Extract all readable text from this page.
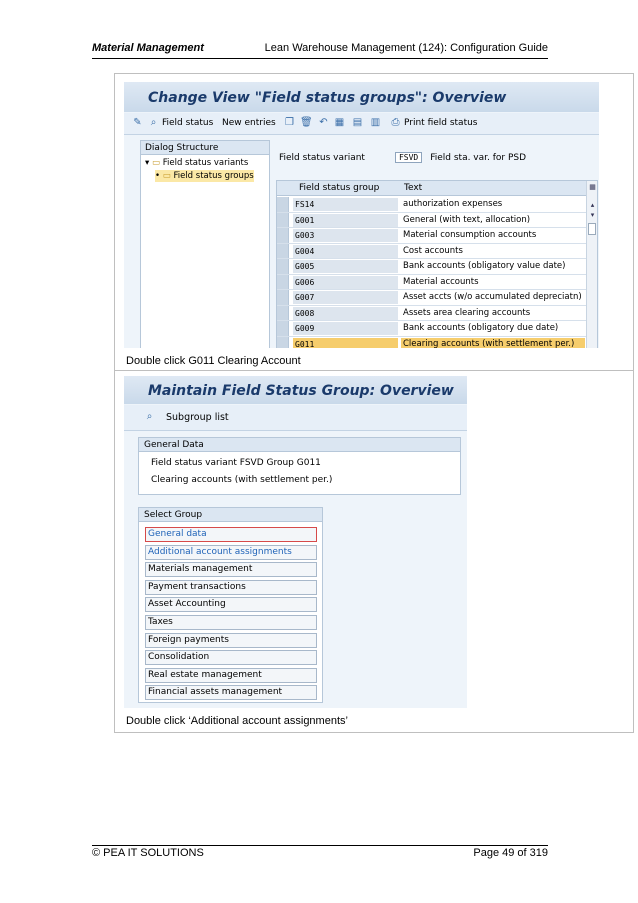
Material Management	Lean Warehouse Management (124): Configuration Guide
Change View "Field status groups": Overview
✎ ⌕ Field status New entries ❐ 🗑 ↶ ▦ ▤ ▥ ⎙ Print field status
Dialog Structure
▾ ▭ Field status variants
• ▭ Field status groups
Field status variant	FSVD Field sta. var. for PSD
Field status group	Text
FS14	authorization expenses
G001	General (with text, allocation)
G003	Material consumption accounts
G004	Cost accounts
G005	Bank accounts (obligatory value date)
G006	Material accounts
G007	Asset accts (w/o accumulated depreciatn)
G008	Assets area clearing accounts
G009	Bank accounts (obligatory due date)
G011	Clearing accounts (with settlement per.)
▦
▴
▾
Double click G011 Clearing Account
Maintain Field Status Group: Overview
⌕ Subgroup list
General Data
Field status variant FSVD Group G011
Clearing accounts (with settlement per.)
Select Group
General data
Additional account assignments
Materials management
Payment transactions
Asset Accounting
Taxes
Foreign payments
Consolidation
Real estate management
Financial assets management
Double click ‘Additional account assignments’
© PEA IT SOLUTIONS	Page 49 of 319
